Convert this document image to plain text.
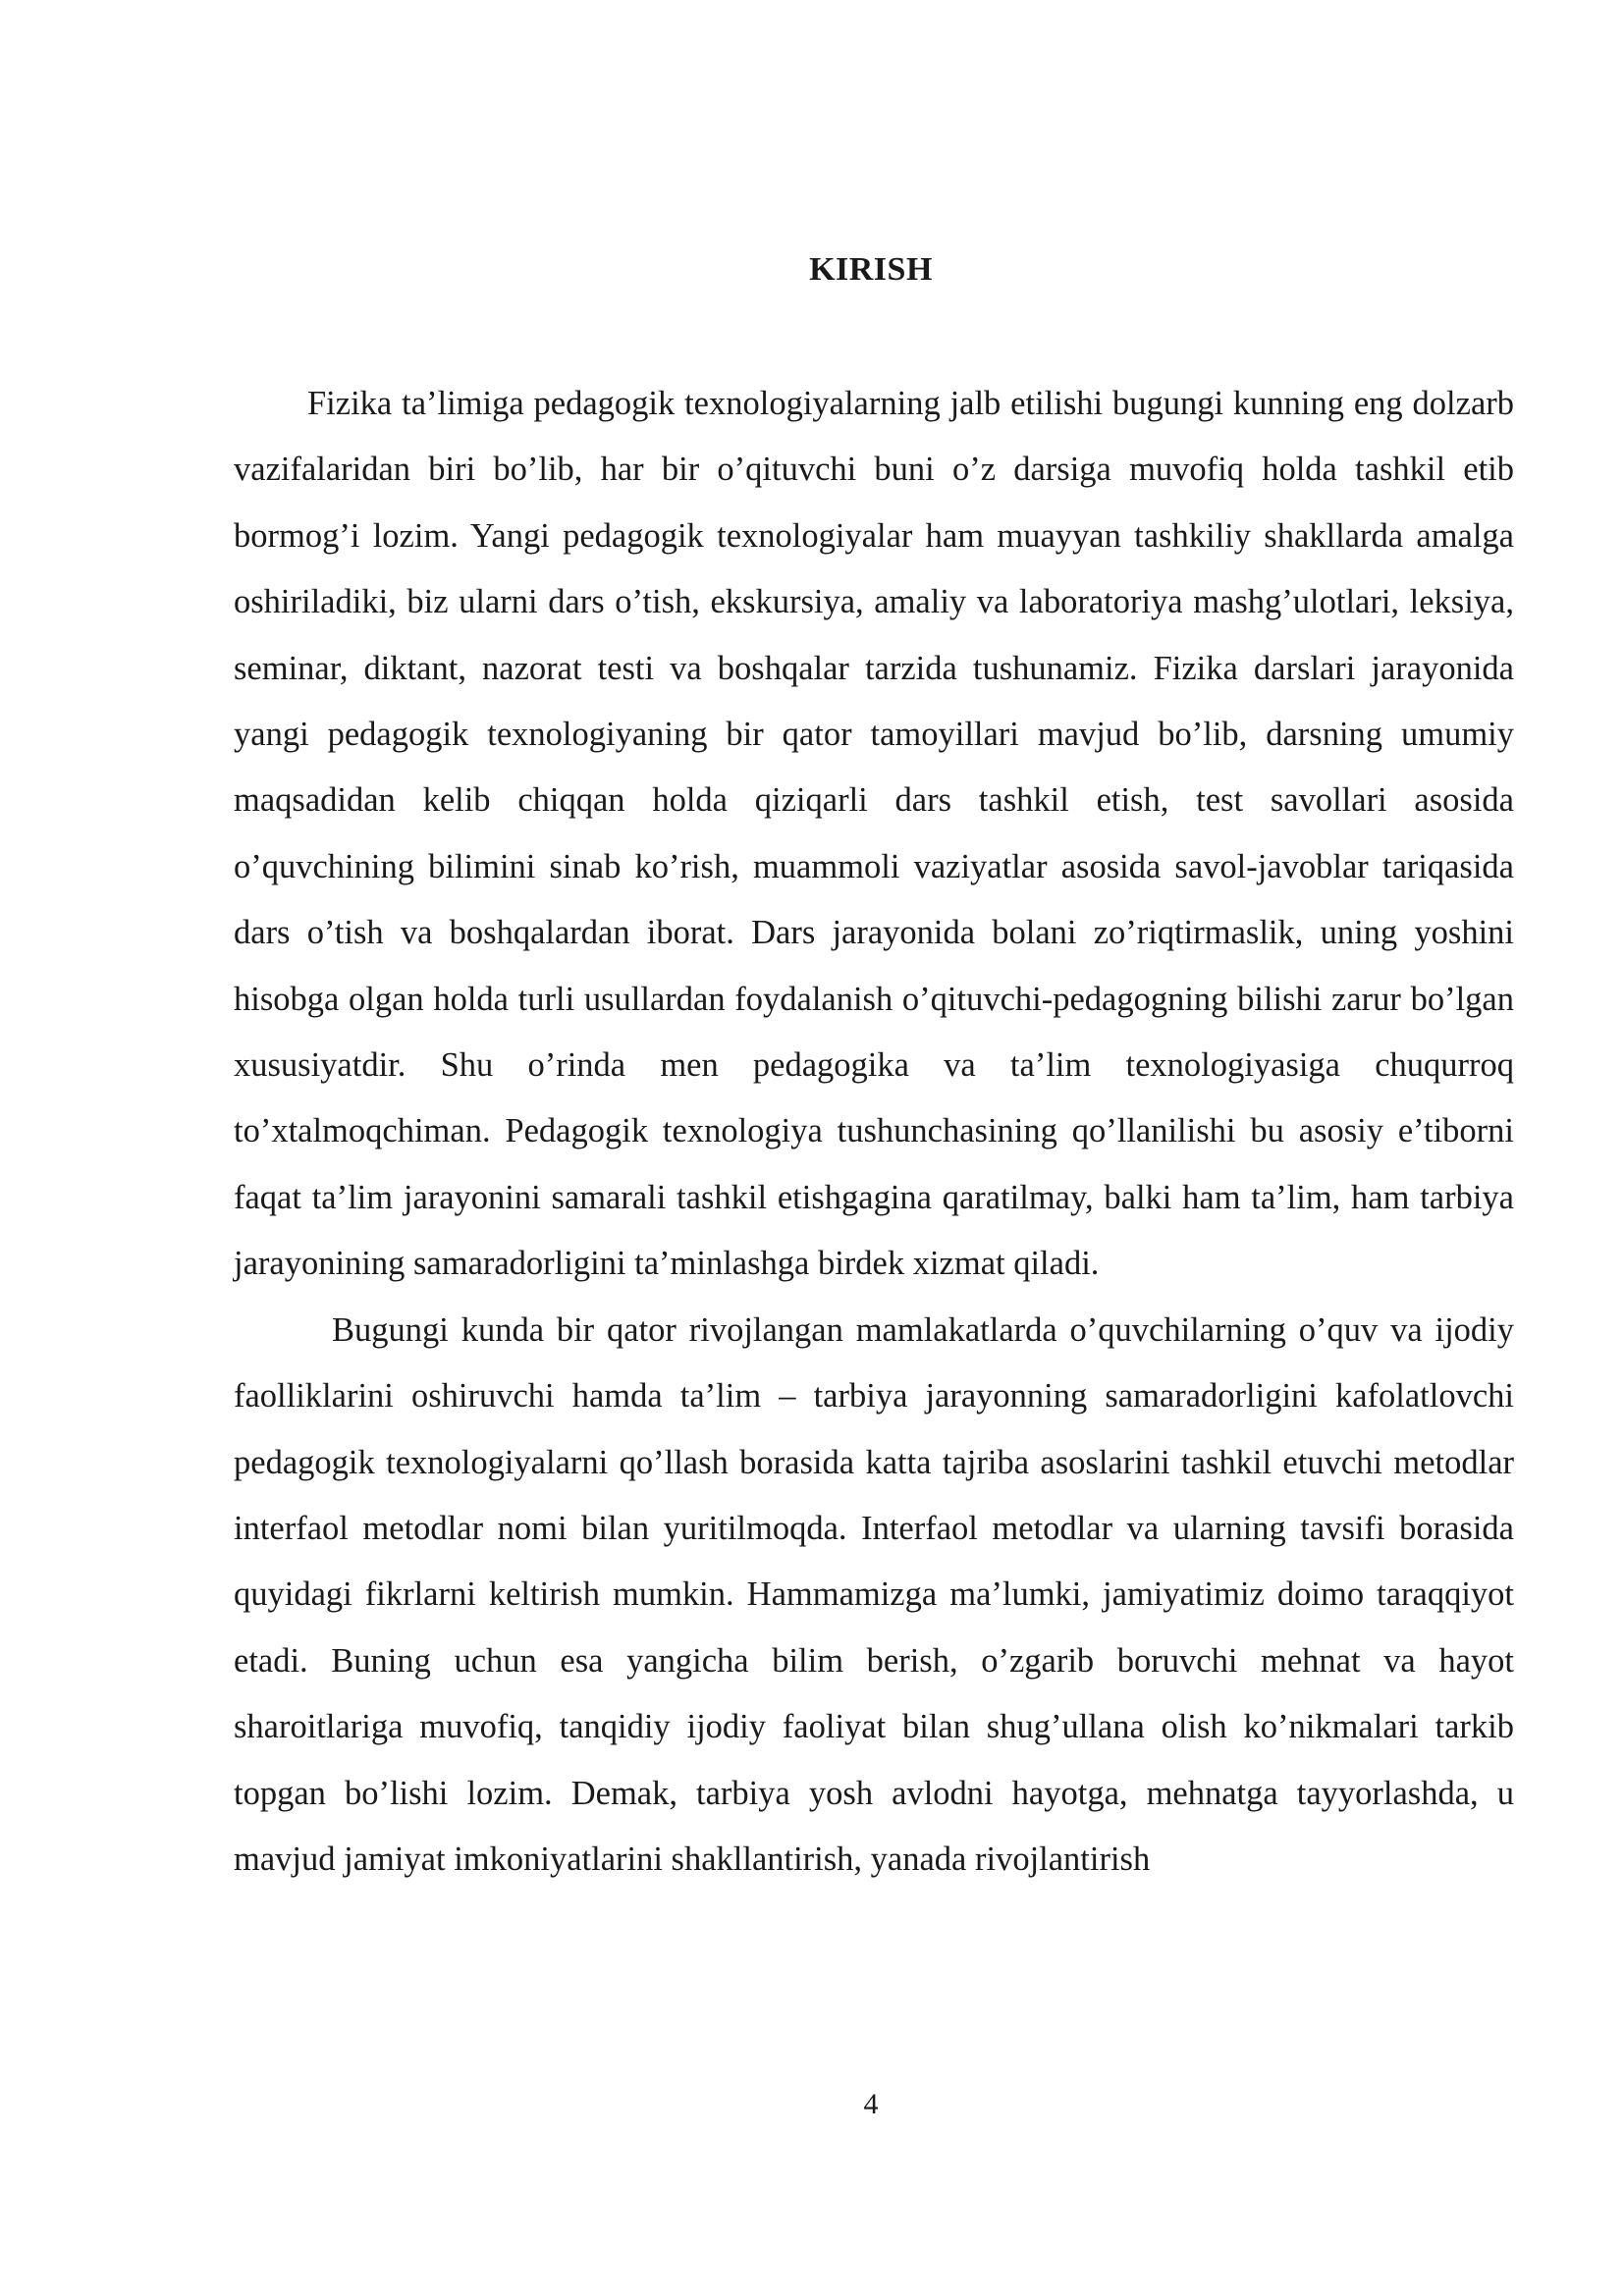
KIRISH

Fizika ta’limiga pedagogik texnologiyalarning jalb etilishi bugungi kunning eng dolzarb vazifalaridan biri bo’lib, har bir o’qituvchi buni o’z darsiga muvofiq holda tashkil etib bormog’i lozim. Yangi pedagogik texnologiyalar ham muayyan tashkiliy shakllarda amalga oshiriladiki, biz ularni dars o’tish, ekskursiya, amaliy va laboratoriya mashg’ulotlari, leksiya, seminar, diktant, nazorat testi va boshqalar tarzida tushunamiz. Fizika darslari jarayonida yangi pedagogik texnologiyaning bir qator tamoyillari mavjud bo’lib, darsning umumiy maqsadidan kelib chiqqan holda qiziqarli dars tashkil etish, test savollari asosida o’quvchining bilimini sinab ko’rish, muammoli vaziyatlar asosida savol-javoblar tariqasida dars o’tish va boshqalardan iborat. Dars jarayonida bolani zo’riqtirmaslik, uning yoshini hisobga olgan holda turli usullardan foydalanish o’qituvchi-pedagogning bilishi zarur bo’lgan xususiyatdir. Shu o’rinda men pedagogika va ta’lim texnologiyasiga chuqurroq to’xtalmoqchiman. Pedagogik texnologiya tushunchasining qo’llanilishi bu asosiy e’tiborni faqat ta’lim jarayonini samarali tashkil etishgagina qaratilmay, balki ham ta’lim, ham tarbiya jarayonining samaradorligini ta’minlashga birdek xizmat qiladi.

Bugungi kunda bir qator rivojlangan mamlakatlarda o’quvchilarning o’quv va ijodiy faolliklarini oshiruvchi hamda ta’lim – tarbiya jarayonning samaradorligini kafolatlovchi pedagogik texnologiyalarni qo’llash borasida katta tajriba asoslarini tashkil etuvchi metodlar interfaol metodlar nomi bilan yuritilmoqda. Interfaol metodlar va ularning tavsifi borasida quyidagi fikrlarni keltirish mumkin. Hammamizga ma’lumki, jamiyatimiz doimo taraqqiyot etadi. Buning uchun esa yangicha bilim berish, o’zgarib boruvchi mehnat va hayot sharoitlariga muvofiq, tanqidiy ijodiy faoliyat bilan shug’ullana olish ko’nikmalari tarkib topgan bo’lishi lozim. Demak, tarbiya yosh avlodni hayotga, mehnatga tayyorlashda, u mavjud jamiyat imkoniyatlarini shakllantirish, yanada rivojlantirish

4
